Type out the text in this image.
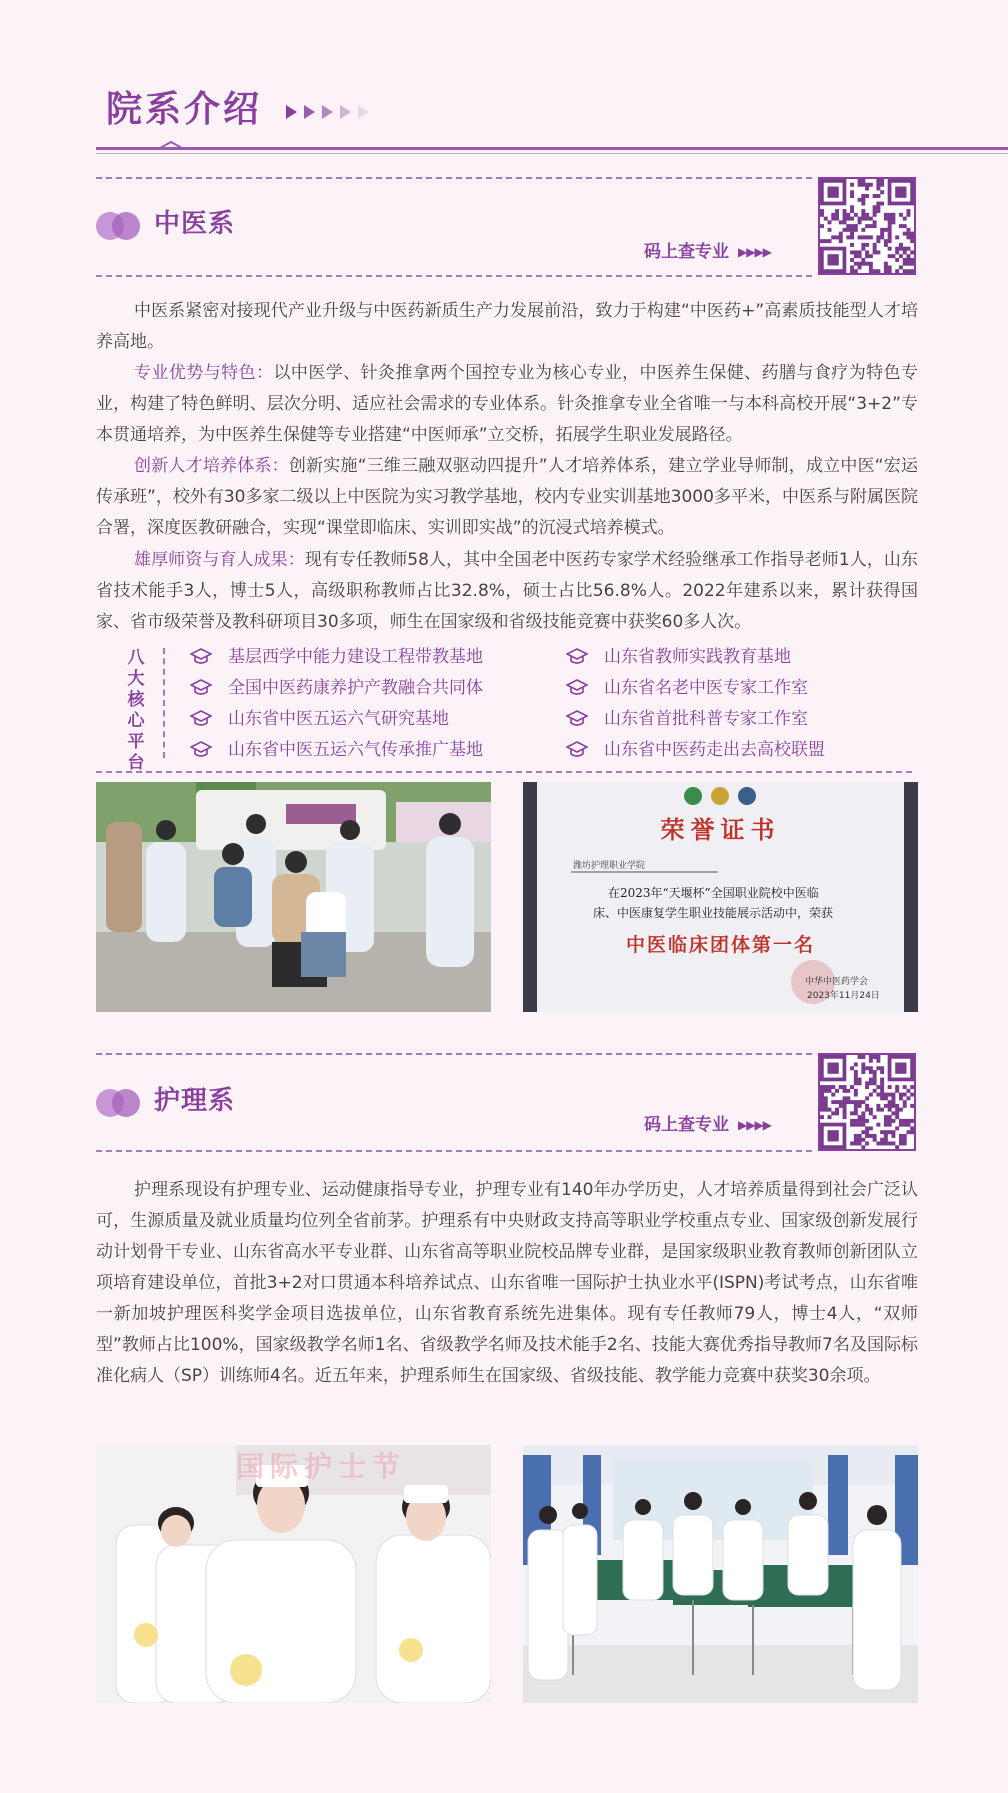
院系介绍
中医系
码上查专业 ▶▶▶▶

中医系紧密对接现代产业升级与中医药新质生产力发展前沿，致力于构建“中医药+”高素质技能型人才培养高地。

专业优势与特色：以中医学、针灸推拿两个国控专业为核心专业，中医养生保健、药膳与食疗为特色专业，构建了特色鲜明、层次分明、适应社会需求的专业体系。针灸推拿专业全省唯一与本科高校开展“3+2”专本贯通培养，为中医养生保健等专业搭建“中医师承”立交桥，拓展学生职业发展路径。

创新人才培养体系：创新实施“三维三融双驱动四提升”人才培养体系，建立学业导师制，成立中医“宏运传承班”，校外有30多家二级以上中医院为实习教学基地，校内专业实训基地3000多平米，中医系与附属医院合署，深度医教研融合，实现“课堂即临床、实训即实战”的沉浸式培养模式。

雄厚师资与育人成果：现有专任教师58人，其中全国老中医药专家学术经验继承工作指导老师1人，山东省技术能手3人，博士5人，高级职称教师占比32.8%，硕士占比56.8%人。2022年建系以来，累计获得国家、省市级荣誉及教科研项目30多项，师生在国家级和省级技能竞赛中获奖60多人次。

八大核心平台
基层西学中能力建设工程带教基地
全国中医药康养护产教融合共同体
山东省中医五运六气研究基地
山东省中医五运六气传承推广基地
山东省教师实践教育基地
山东省名老中医专家工作室
山东省首批科普专家工作室
山东省中医药走出去高校联盟
荣誉证书
潍坊护理职业学院
在2023年“天堰杯”全国职业院校中医临
床、中医康复学生职业技能展示活动中，荣获
中医临床团体第一名
中华中医药学会
2023年11月24日
护理系
码上查专业 ▶▶▶▶

护理系现设有护理专业、运动健康指导专业，护理专业有140年办学历史，人才培养质量得到社会广泛认可，生源质量及就业质量均位列全省前茅。护理系有中央财政支持高等职业学校重点专业、国家级创新发展行动计划骨干专业、山东省高水平专业群、山东省高等职业院校品牌专业群，是国家级职业教育教师创新团队立项培育建设单位，首批3+2对口贯通本科培养试点、山东省唯一国际护士执业水平(ISPN)考试考点，山东省唯一新加坡护理医科奖学金项目选拔单位，山东省教育系统先进集体。现有专任教师79人，博士4人，“双师型”教师占比100%，国家级教学名师1名、省级教学名师及技术能手2名、技能大赛优秀指导教师7名及国际标准化病人（SP）训练师4名。近五年来，护理系师生在国家级、省级技能、教学能力竞赛中获奖30余项。

国际护士节
